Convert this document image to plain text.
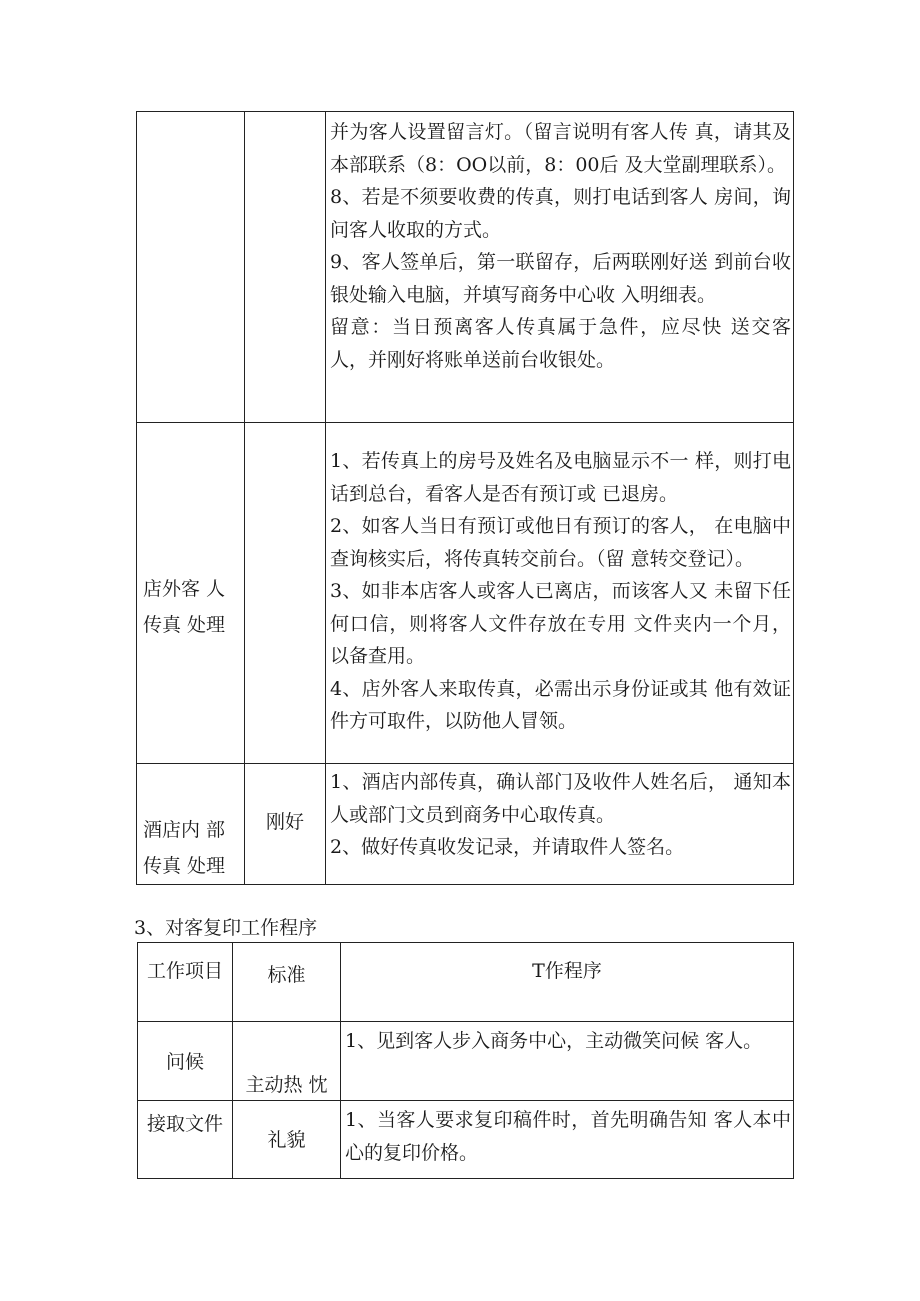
		并为客人设置留言灯。（留言说明有客人传 真，请其及本部联系（8：OO以前，8：00后 及大堂副理联系）。
8、若是不须要收费的传真，则打电话到客人 房间，询问客人收取的方式。
9、客人签单后，第一联留存，后两联刚好送 到前台收银处输入电脑，并填写商务中心收 入明细表。
留意：当日预离客人传真属于急件，应尽快 送交客人，并刚好将账单送前台收银处。

店外客 人
传真 处理		1、若传真上的房号及姓名及电脑显示不一 样，则打电话到总台，看客人是否有预订或 已退房。
2、如客人当日有预订或他日有预订的客人， 在电脑中查询核实后，将传真转交前台。（留 意转交登记）。
3、如非本店客人或客人已离店，而该客人又 未留下任何口信，则将客人文件存放在专用 文件夹内一个月，以备查用。
4、店外客人来取传真，必需出示身份证或其 他有效证件方可取件，以防他人冒领。

酒店内 部
传真 处理	刚好	1、酒店内部传真，确认部门及收件人姓名后， 通知本人或部门文员到商务中心取传真。
2、做好传真收发记录，并请取件人签名。
3、对客复印工作程序
工作项目	标准	T作程序

问候	主动热 忱	1、见到客人步入商务中心，主动微笑问候 客人。

接取文件	礼貌	1、当客人要求复印稿件时，首先明确告知 客人本中心的复印价格。
